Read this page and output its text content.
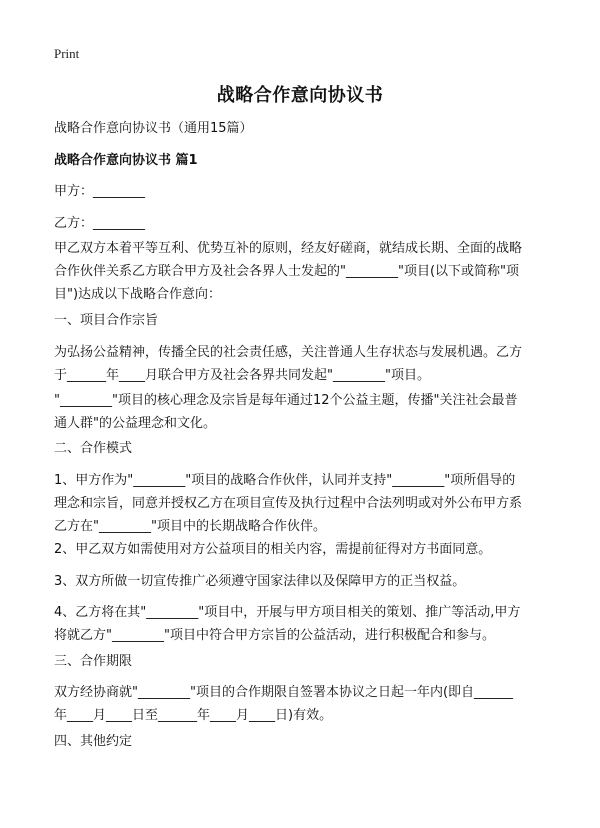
Print
战略合作意向协议书
战略合作意向协议书（通用15篇）
战略合作意向协议书 篇1
甲方：________
乙方：________
甲乙双方本着平等互利、优势互补的原则，经友好磋商，就结成长期、全面的战略
合作伙伴关系乙方联合甲方及社会各界人士发起的"________"项目(以下或简称"项
目")达成以下战略合作意向：
一、项目合作宗旨
为弘扬公益精神，传播全民的社会责任感，关注普通人生存状态与发展机遇。乙方
于______年____月联合甲方及社会各界共同发起"________"项目。
"________"项目的核心理念及宗旨是每年通过12个公益主题，传播"关注社会最普
通人群"的公益理念和文化。
二、合作模式
1、甲方作为"________"项目的战略合作伙伴，认同并支持"________"项所倡导的
理念和宗旨，同意并授权乙方在项目宣传及执行过程中合法列明或对外公布甲方系
乙方在"________"项目中的长期战略合作伙伴。
2、甲乙双方如需使用对方公益项目的相关内容，需提前征得对方书面同意。
3、双方所做一切宣传推广必须遵守国家法律以及保障甲方的正当权益。
4、乙方将在其"________"项目中，开展与甲方项目相关的策划、推广等活动,甲方
将就乙方"________"项目中符合甲方宗旨的公益活动，进行积极配合和参与。
三、合作期限
双方经协商就"________"项目的合作期限自签署本协议之日起一年内(即自______
年____月____日至______年____月____日)有效。
四、其他约定
